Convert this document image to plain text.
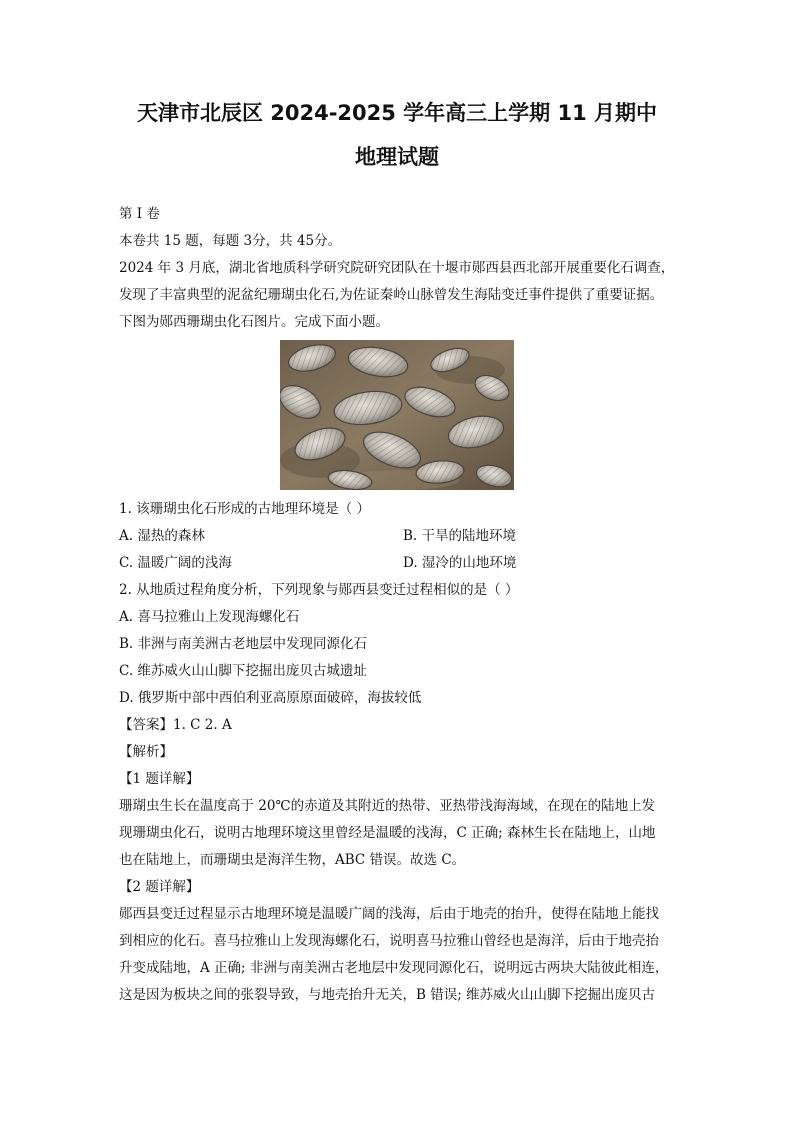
天津市北辰区 2024-2025 学年高三上学期 11 月期中
地理试题
第 I 卷
本卷共 15 题，每题 3分，共 45分。
2024 年 3 月底，湖北省地质科学研究院研究团队在十堰市郧西县西北部开展重要化石调查，
发现了丰富典型的泥盆纪珊瑚虫化石,为佐证秦岭山脉曾发生海陆变迁事件提供了重要证据。
下图为郧西珊瑚虫化石图片。完成下面小题。
1. 该珊瑚虫化石形成的古地理环境是（ ）
A. 湿热的森林	B. 干旱的陆地环境
C. 温暖广阔的浅海	D. 湿冷的山地环境
2. 从地质过程角度分析，下列现象与郧西县变迁过程相似的是（ ）
A. 喜马拉雅山上发现海螺化石
B. 非洲与南美洲古老地层中发现同源化石
C. 维苏威火山山脚下挖掘出庞贝古城遗址
D. 俄罗斯中部中西伯利亚高原原面破碎，海拔较低
【答案】1. C 2. A
【解析】
【1 题详解】
珊瑚虫生长在温度高于 20℃的赤道及其附近的热带、亚热带浅海海域，在现在的陆地上发
现珊瑚虫化石，说明古地理环境这里曾经是温暖的浅海，C 正确; 森林生长在陆地上，山地
也在陆地上，而珊瑚虫是海洋生物，ABC 错误。故选 C。
【2 题详解】
郧西县变迁过程显示古地理环境是温暖广阔的浅海，后由于地壳的抬升，使得在陆地上能找
到相应的化石。喜马拉雅山上发现海螺化石，说明喜马拉雅山曾经也是海洋，后由于地壳抬
升变成陆地，A 正确; 非洲与南美洲古老地层中发现同源化石，说明远古两块大陆彼此相连，
这是因为板块之间的张裂导致，与地壳抬升无关，B 错误; 维苏威火山山脚下挖掘出庞贝古
